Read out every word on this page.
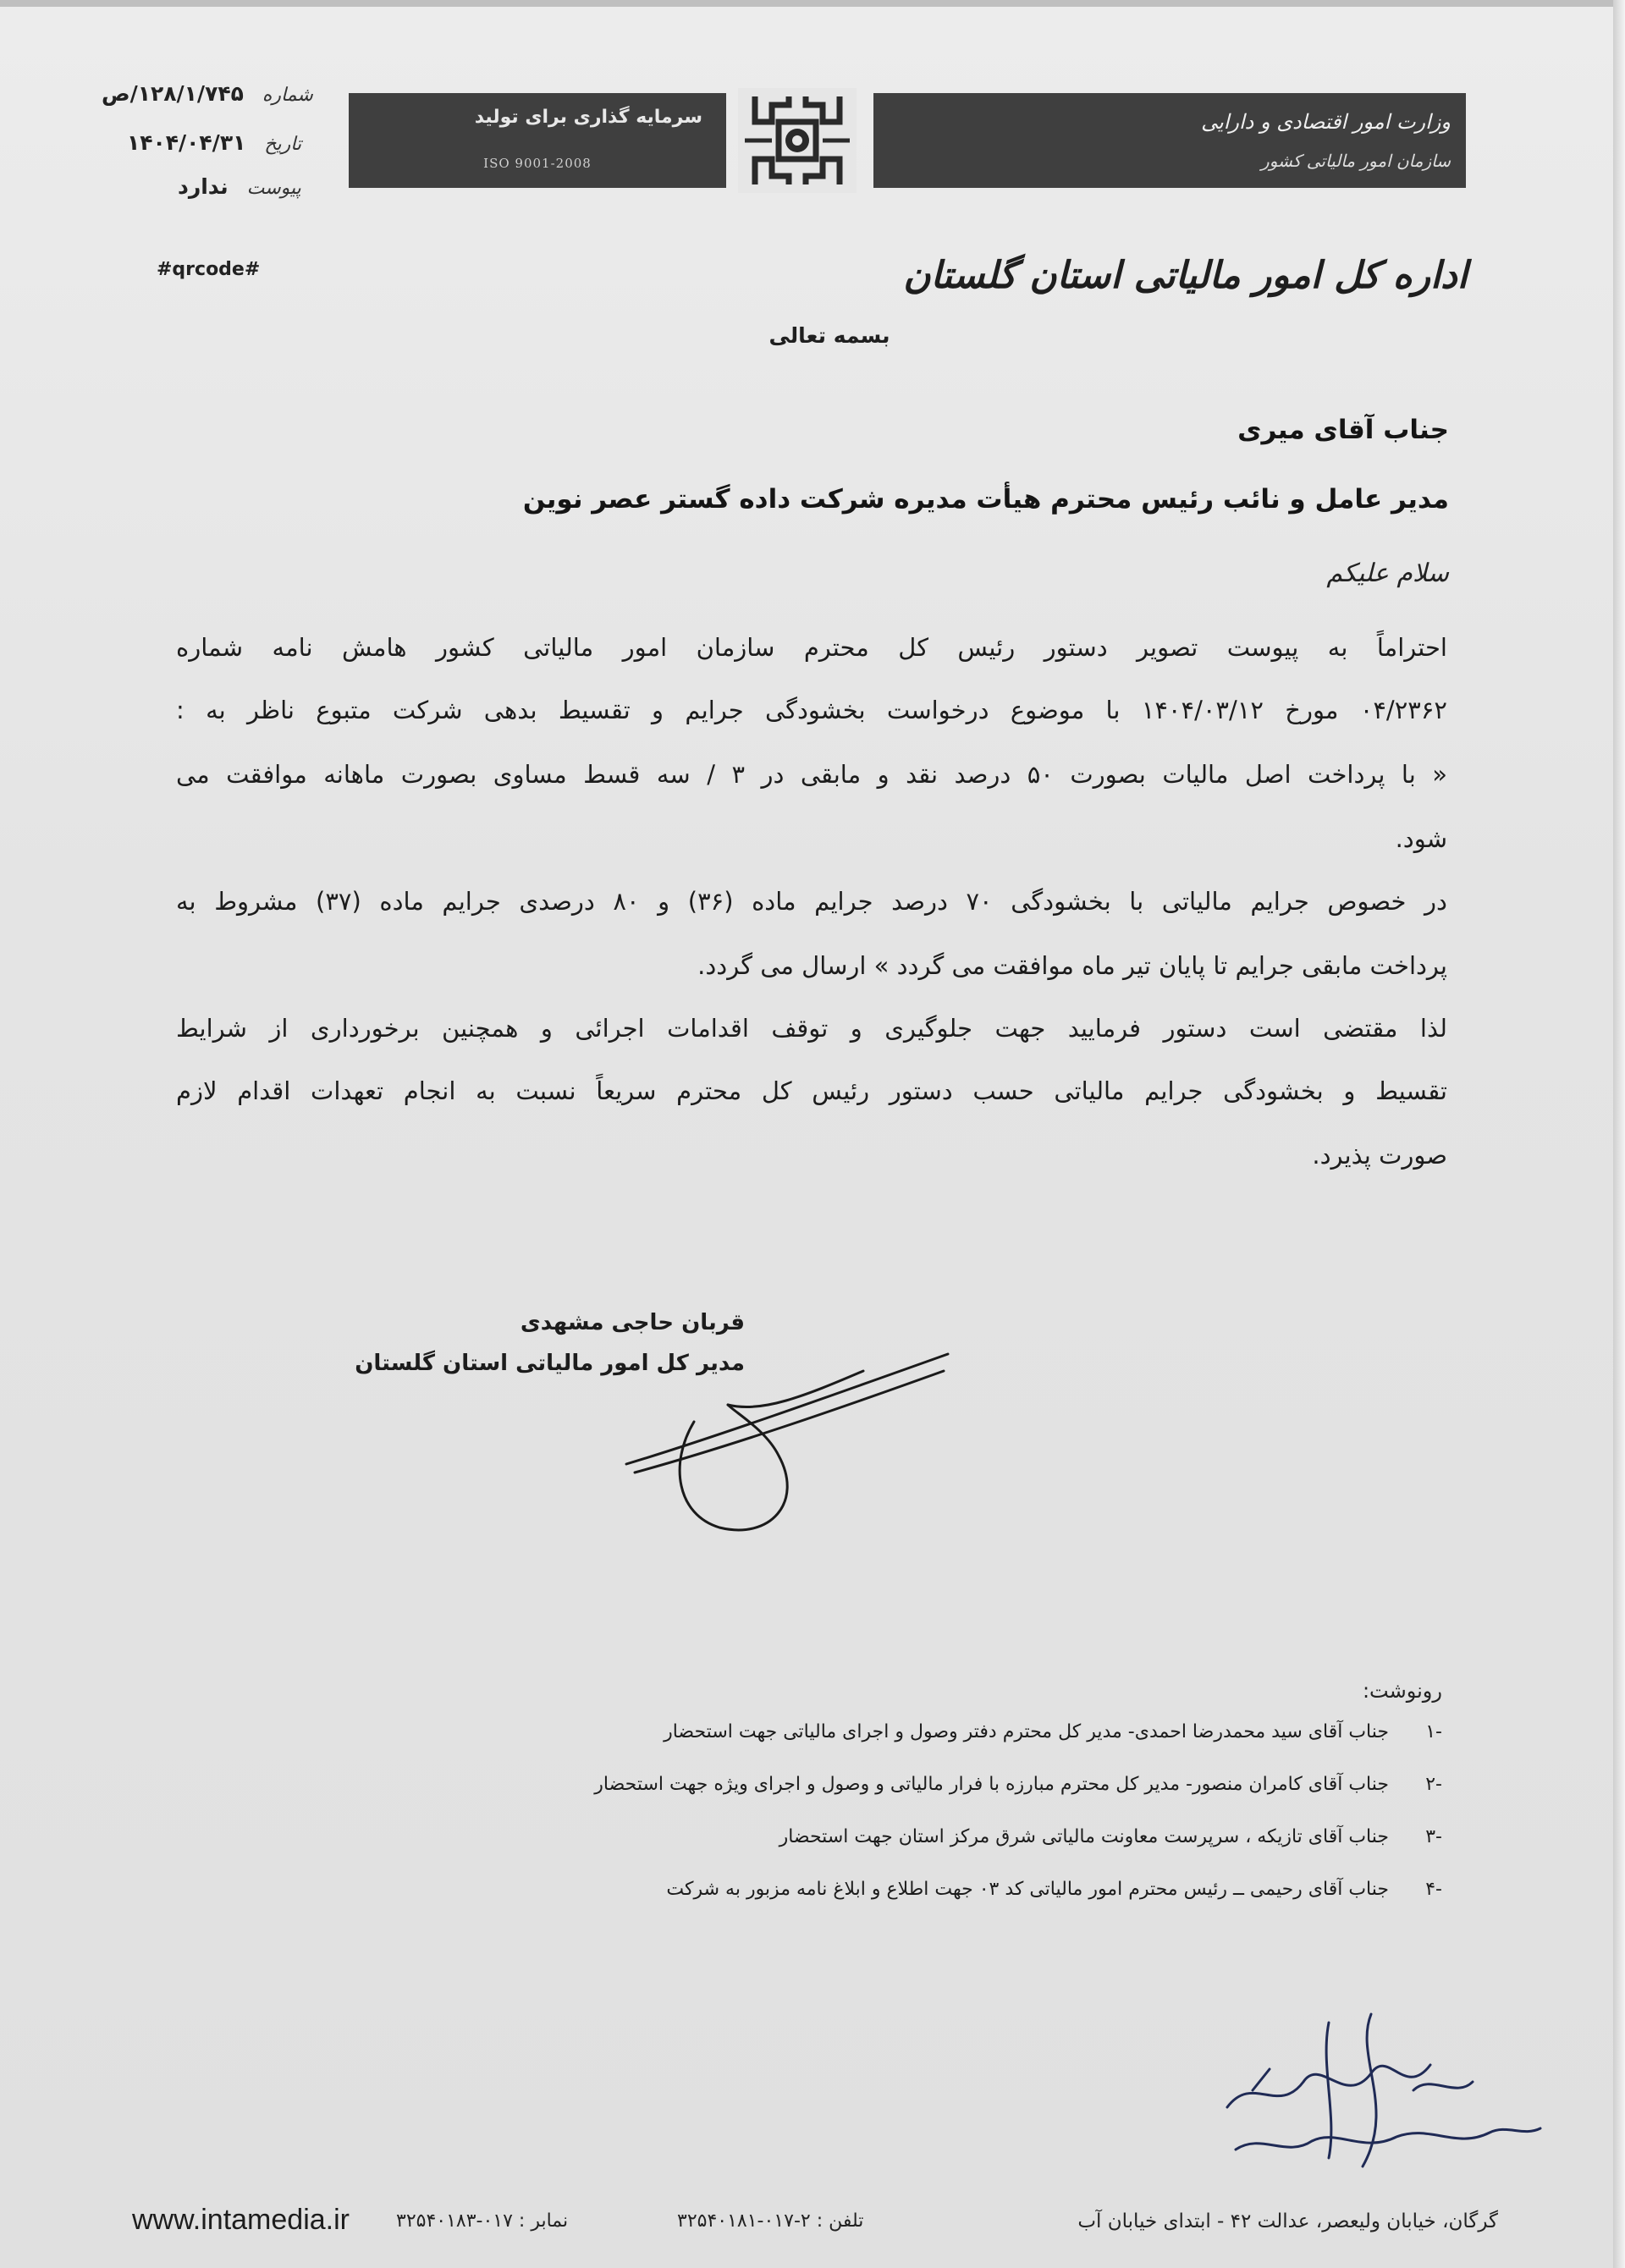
شماره
۱۲۸/۱/۷۴۵/ص
تاریخ
۱۴۰۴/۰۴/۳۱
پیوست
ندارد
#qrcode#
سرمایه گذاری برای تولید
ISO 9001-2008
وزارت امور اقتصادی و دارایی
سازمان امور مالیاتی کشور
اداره کل امور مالیاتی استان گلستان
بسمه تعالی
جناب آقای میری
مدیر عامل و نائب رئیس محترم هیأت مدیره شرکت داده گستر عصر نوین
سلام علیکم
احتراماً به پیوست تصویر دستور رئیس کل محترم سازمان امور مالیاتی کشور هامش نامه شماره
۰۴/۲۳۶۲ مورخ ۱۴۰۴/۰۳/۱۲ با موضوع درخواست بخشودگی جرایم و تقسیط بدهی شرکت متبوع ناظر به :
« با پرداخت اصل مالیات بصورت ۵۰ درصد نقد و مابقی در ۳ / سه قسط مساوی بصورت ماهانه موافقت می
شود.
در خصوص جرایم مالیاتی با بخشودگی ۷۰ درصد جرایم ماده (۳۶) و ۸۰ درصدی جرایم ماده (۳۷) مشروط به
پرداخت مابقی جرایم تا پایان تیر ماه موافقت می گردد » ارسال می گردد.
لذا مقتضی است دستور فرمایید جهت جلوگیری و توقف اقدامات اجرائی و همچنین برخورداری از شرایط
تقسیط و بخشودگی جرایم مالیاتی حسب دستور رئیس کل محترم سریعاً نسبت به انجام تعهدات اقدام لازم
صورت پذیرد.
قربان حاجی مشهدی
مدیر کل امور مالیاتی استان گلستان
رونوشت:
-۱ جناب آقای سید محمدرضا احمدی- مدیر کل محترم دفتر وصول و اجرای مالیاتی جهت استحضار
-۲ جناب آقای کامران منصور- مدیر کل محترم مبارزه با فرار مالیاتی و وصول و اجرای ویژه جهت استحضار
-۳ جناب آقای تازیکه ، سرپرست معاونت مالیاتی شرق مرکز استان جهت استحضار
-۴ جناب آقای رحیمی ــ رئیس محترم امور مالیاتی کد ۰۳ جهت اطلاع و ابلاغ نامه مزبور به شرکت
گرگان، خیابان ولیعصر، عدالت ۴۲ - ابتدای خیابان آب
تلفن : ۲-۰۱۷-۳۲۵۴۰۱۸۱
نمابر : ۰۱۷-۳۲۵۴۰۱۸۳
www.intamedia.ir
